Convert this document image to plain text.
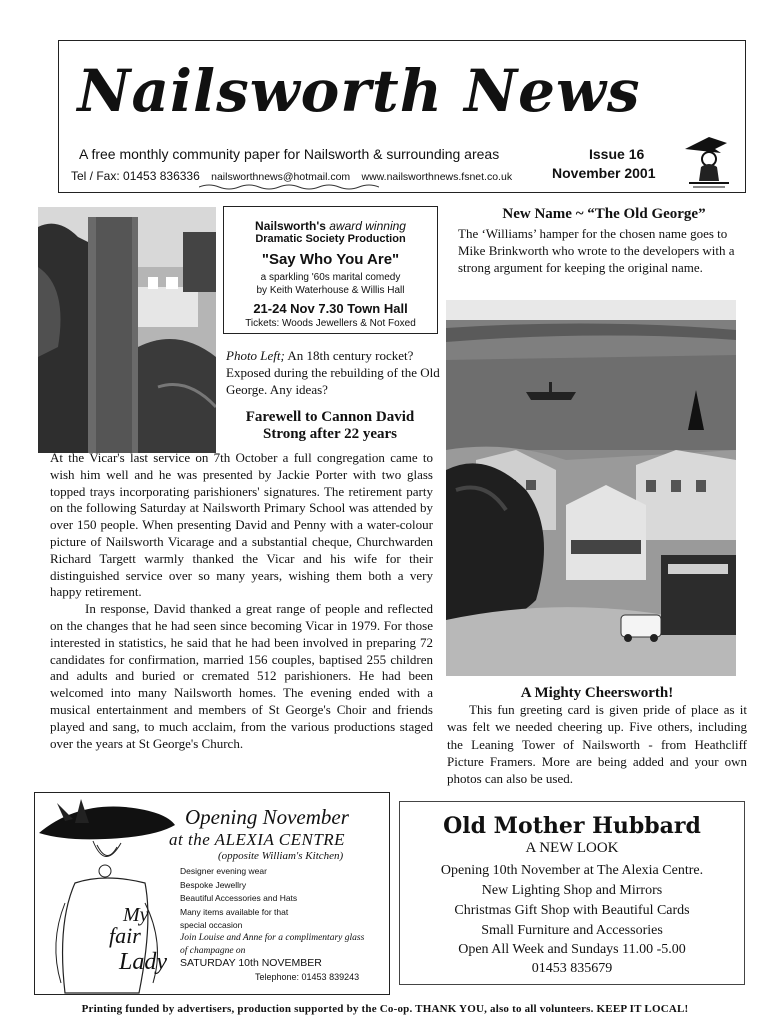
Nailsworth News
A free monthly community paper for Nailsworth & surrounding areas
Tel / Fax: 01453 836336 nailsworthnews@hotmail.com www.nailsworthnews.fsnet.co.uk
Issue 16
November 2001
Nailsworth's award winning
Dramatic Society Production
"Say Who You Are"
a sparkling '60s marital comedy
by Keith Waterhouse & Willis Hall
21-24 Nov 7.30 Town Hall
Tickets: Woods Jewellers & Not Foxed
Photo Left; An 18th century rocket? Exposed during the rebuilding of the Old George. Any ideas?
Farewell to Cannon David
Strong after 22 years

At the Vicar's last service on 7th October a full congregation came to wish him well and he was presented by Jackie Porter with two glass topped trays incorporating parishioners' signatures. The retirement party on the following Saturday at Nailsworth Primary School was attended by over 150 people. When presenting David and Penny with a water-colour picture of Nailsworth Vicarage and a substantial cheque, Churchwarden Richard Targett warmly thanked the Vicar and his wife for their distinguished service over so many years, wishing them both a very happy retirement.

In response, David thanked a great range of people and reflected on the changes that he had seen since becoming Vicar in 1979. For those interested in statistics, he said that he had been involved in preparing 72 candidates for confirmation, married 156 couples, baptised 255 children and adults and buried or cremated 512 parishioners. He had been welcomed into many Nailsworth homes. The evening ended with a musical entertainment and members of St George's Choir and friends played and sang, to much acclaim, from the various productions staged over the years at St George's Church.

New Name ~ “The Old George”
The ‘Williams’ hamper for the chosen name goes to Mike Brinkworth who wrote to the developers with a strong argument for keeping the original name.
A Mighty Cheersworth!

This fun greeting card is given pride of place as it was felt we needed cheering up. Five others, including the Leaning Tower of Nailsworth - from Heathcliff Picture Framers. More are being added and your own photos can also be used.

My
fair
Lady
Opening November
at the ALEXIA CENTRE
(opposite William's Kitchen)
Designer evening wear
Bespoke Jewellry
Beautiful Accessories and Hats
Many items available for that
special occasion
Join Louise and Anne for a complimentary glass of champagne on
SATURDAY 10th NOVEMBER
Telephone: 01453 839243
Old Mother Hubbard
A NEW LOOK
Opening 10th November at The Alexia Centre.
New Lighting Shop and Mirrors
Christmas Gift Shop with Beautiful Cards
Small Furniture and Accessories
Open All Week and Sundays 11.00 -5.00
01453 835679
Printing funded by advertisers, production supported by the Co-op. THANK YOU, also to all volunteers. KEEP IT LOCAL!
